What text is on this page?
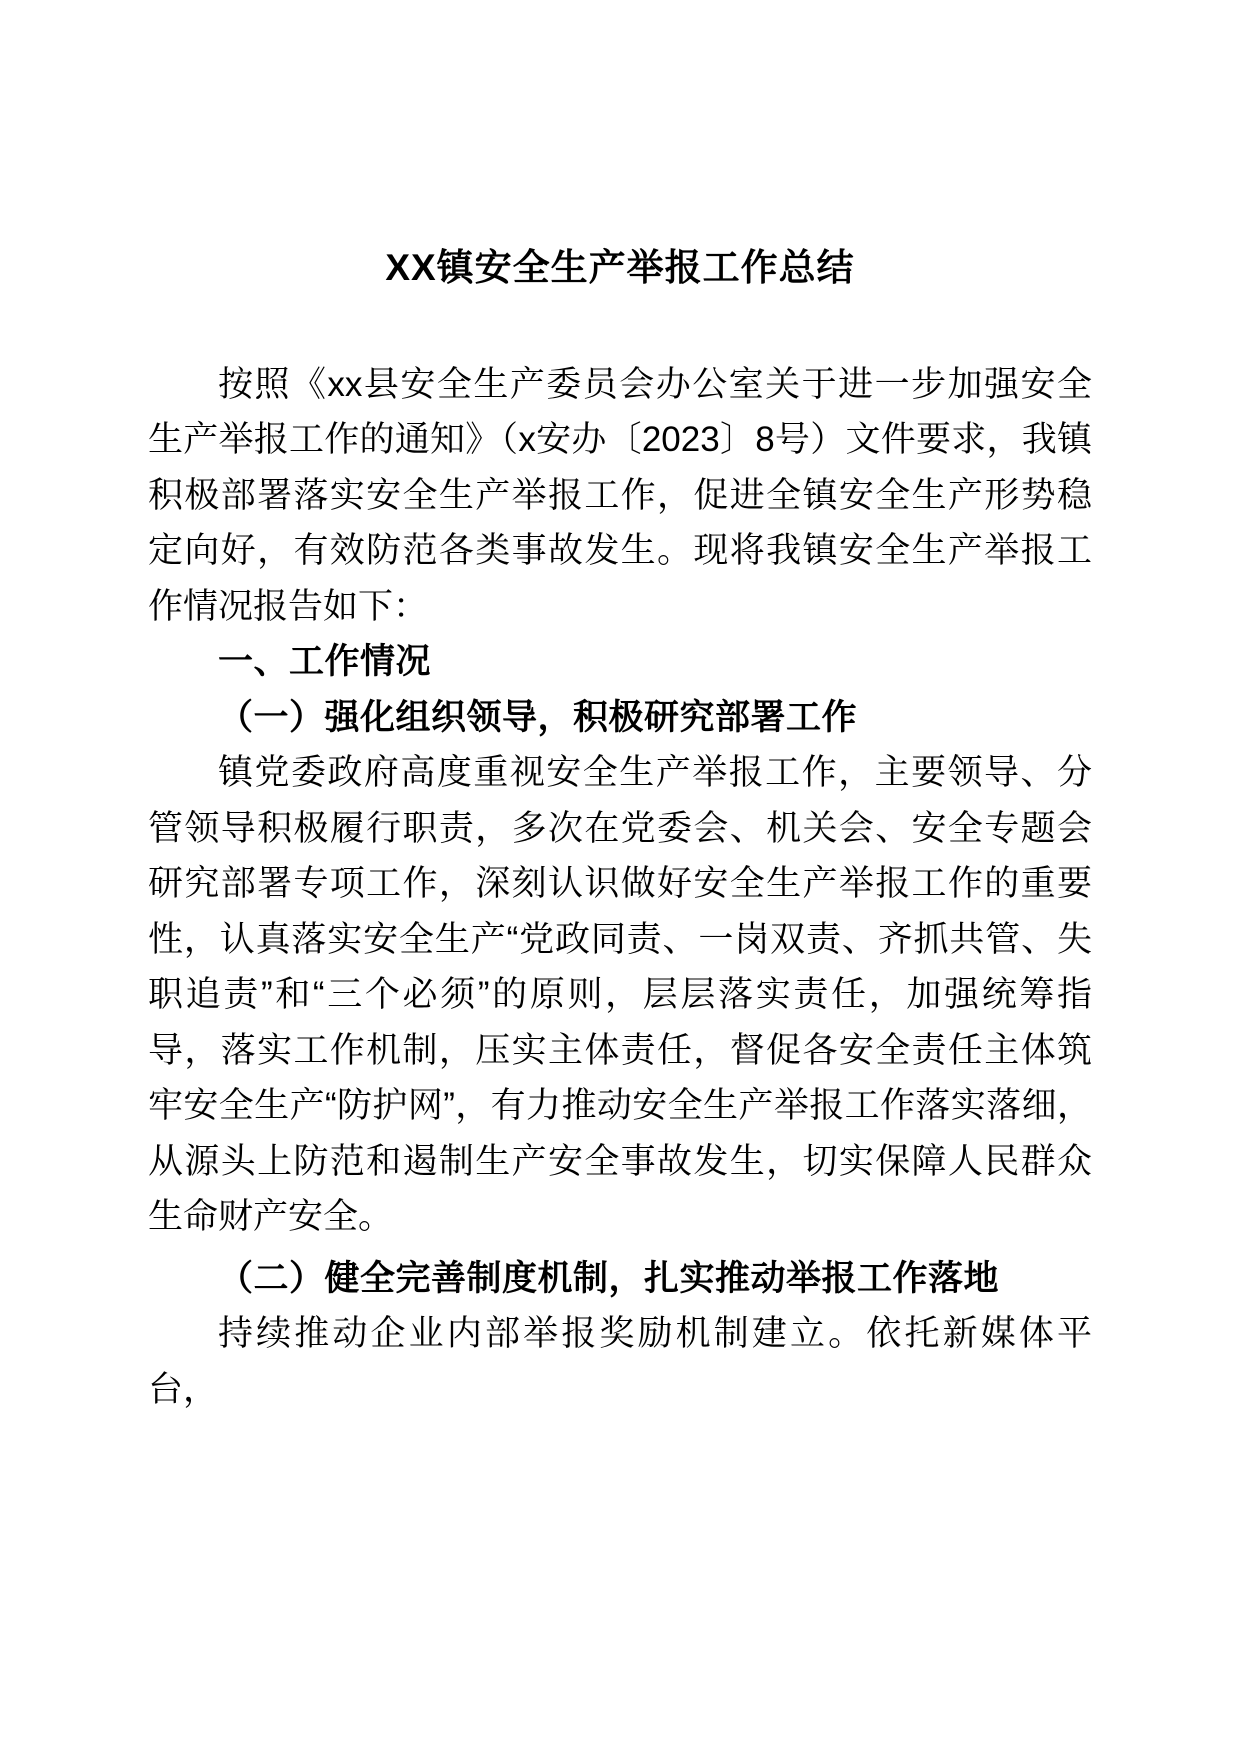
XX镇安全生产举报工作总结

按照《xx县安全生产委员会办公室关于进一步加强安全生产举报工作的通知》（x安办〔2023〕8号）文件要求，我镇积极部署落实安全生产举报工作，促进全镇安全生产形势稳定向好，有效防范各类事故发生。现将我镇安全生产举报工作情况报告如下：

一、工作情况

（一）强化组织领导，积极研究部署工作

镇党委政府高度重视安全生产举报工作，主要领导、分管领导积极履行职责，多次在党委会、机关会、安全专题会研究部署专项工作，深刻认识做好安全生产举报工作的重要性，认真落实安全生产“党政同责、一岗双责、齐抓共管、失职追责”和“三个必须”的原则，层层落实责任，加强统筹指导，落实工作机制，压实主体责任，督促各安全责任主体筑牢安全生产“防护网”，有力推动安全生产举报工作落实落细，从源头上防范和遏制生产安全事故发生，切实保障人民群众生命财产安全。

（二）健全完善制度机制，扎实推动举报工作落地

持续推动企业内部举报奖励机制建立。依托新媒体平台，
